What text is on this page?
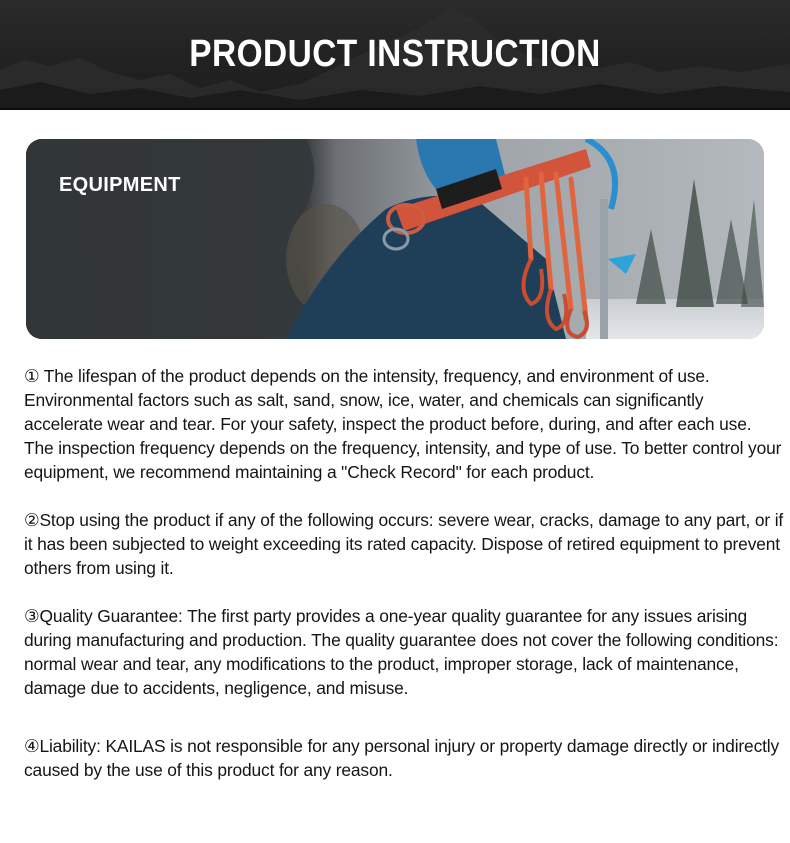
PRODUCT INSTRUCTION
EQUIPMENT

① The lifespan of the product depends on the intensity, frequency, and environment of use. Environmental factors such as salt, sand, snow, ice, water, and chemicals can significantly accelerate wear and tear. For your safety, inspect the product before, during, and after each use. The inspection frequency depends on the frequency, intensity, and type of use. To better control your equipment, we recommend maintaining a "Check Record" for each product.

②Stop using the product if any of the following occurs: severe wear, cracks, damage to any part, or if it has been subjected to weight exceeding its rated capacity. Dispose of retired equipment to prevent others from using it.

③Quality Guarantee: The first party provides a one-year quality guarantee for any issues arising during manufacturing and production. The quality guarantee does not cover the following conditions: normal wear and tear, any modifications to the product, improper storage, lack of maintenance, damage due to accidents, negligence, and misuse.

④Liability: KAILAS is not responsible for any personal injury or property damage directly or indirectly caused by the use of this product for any reason.
